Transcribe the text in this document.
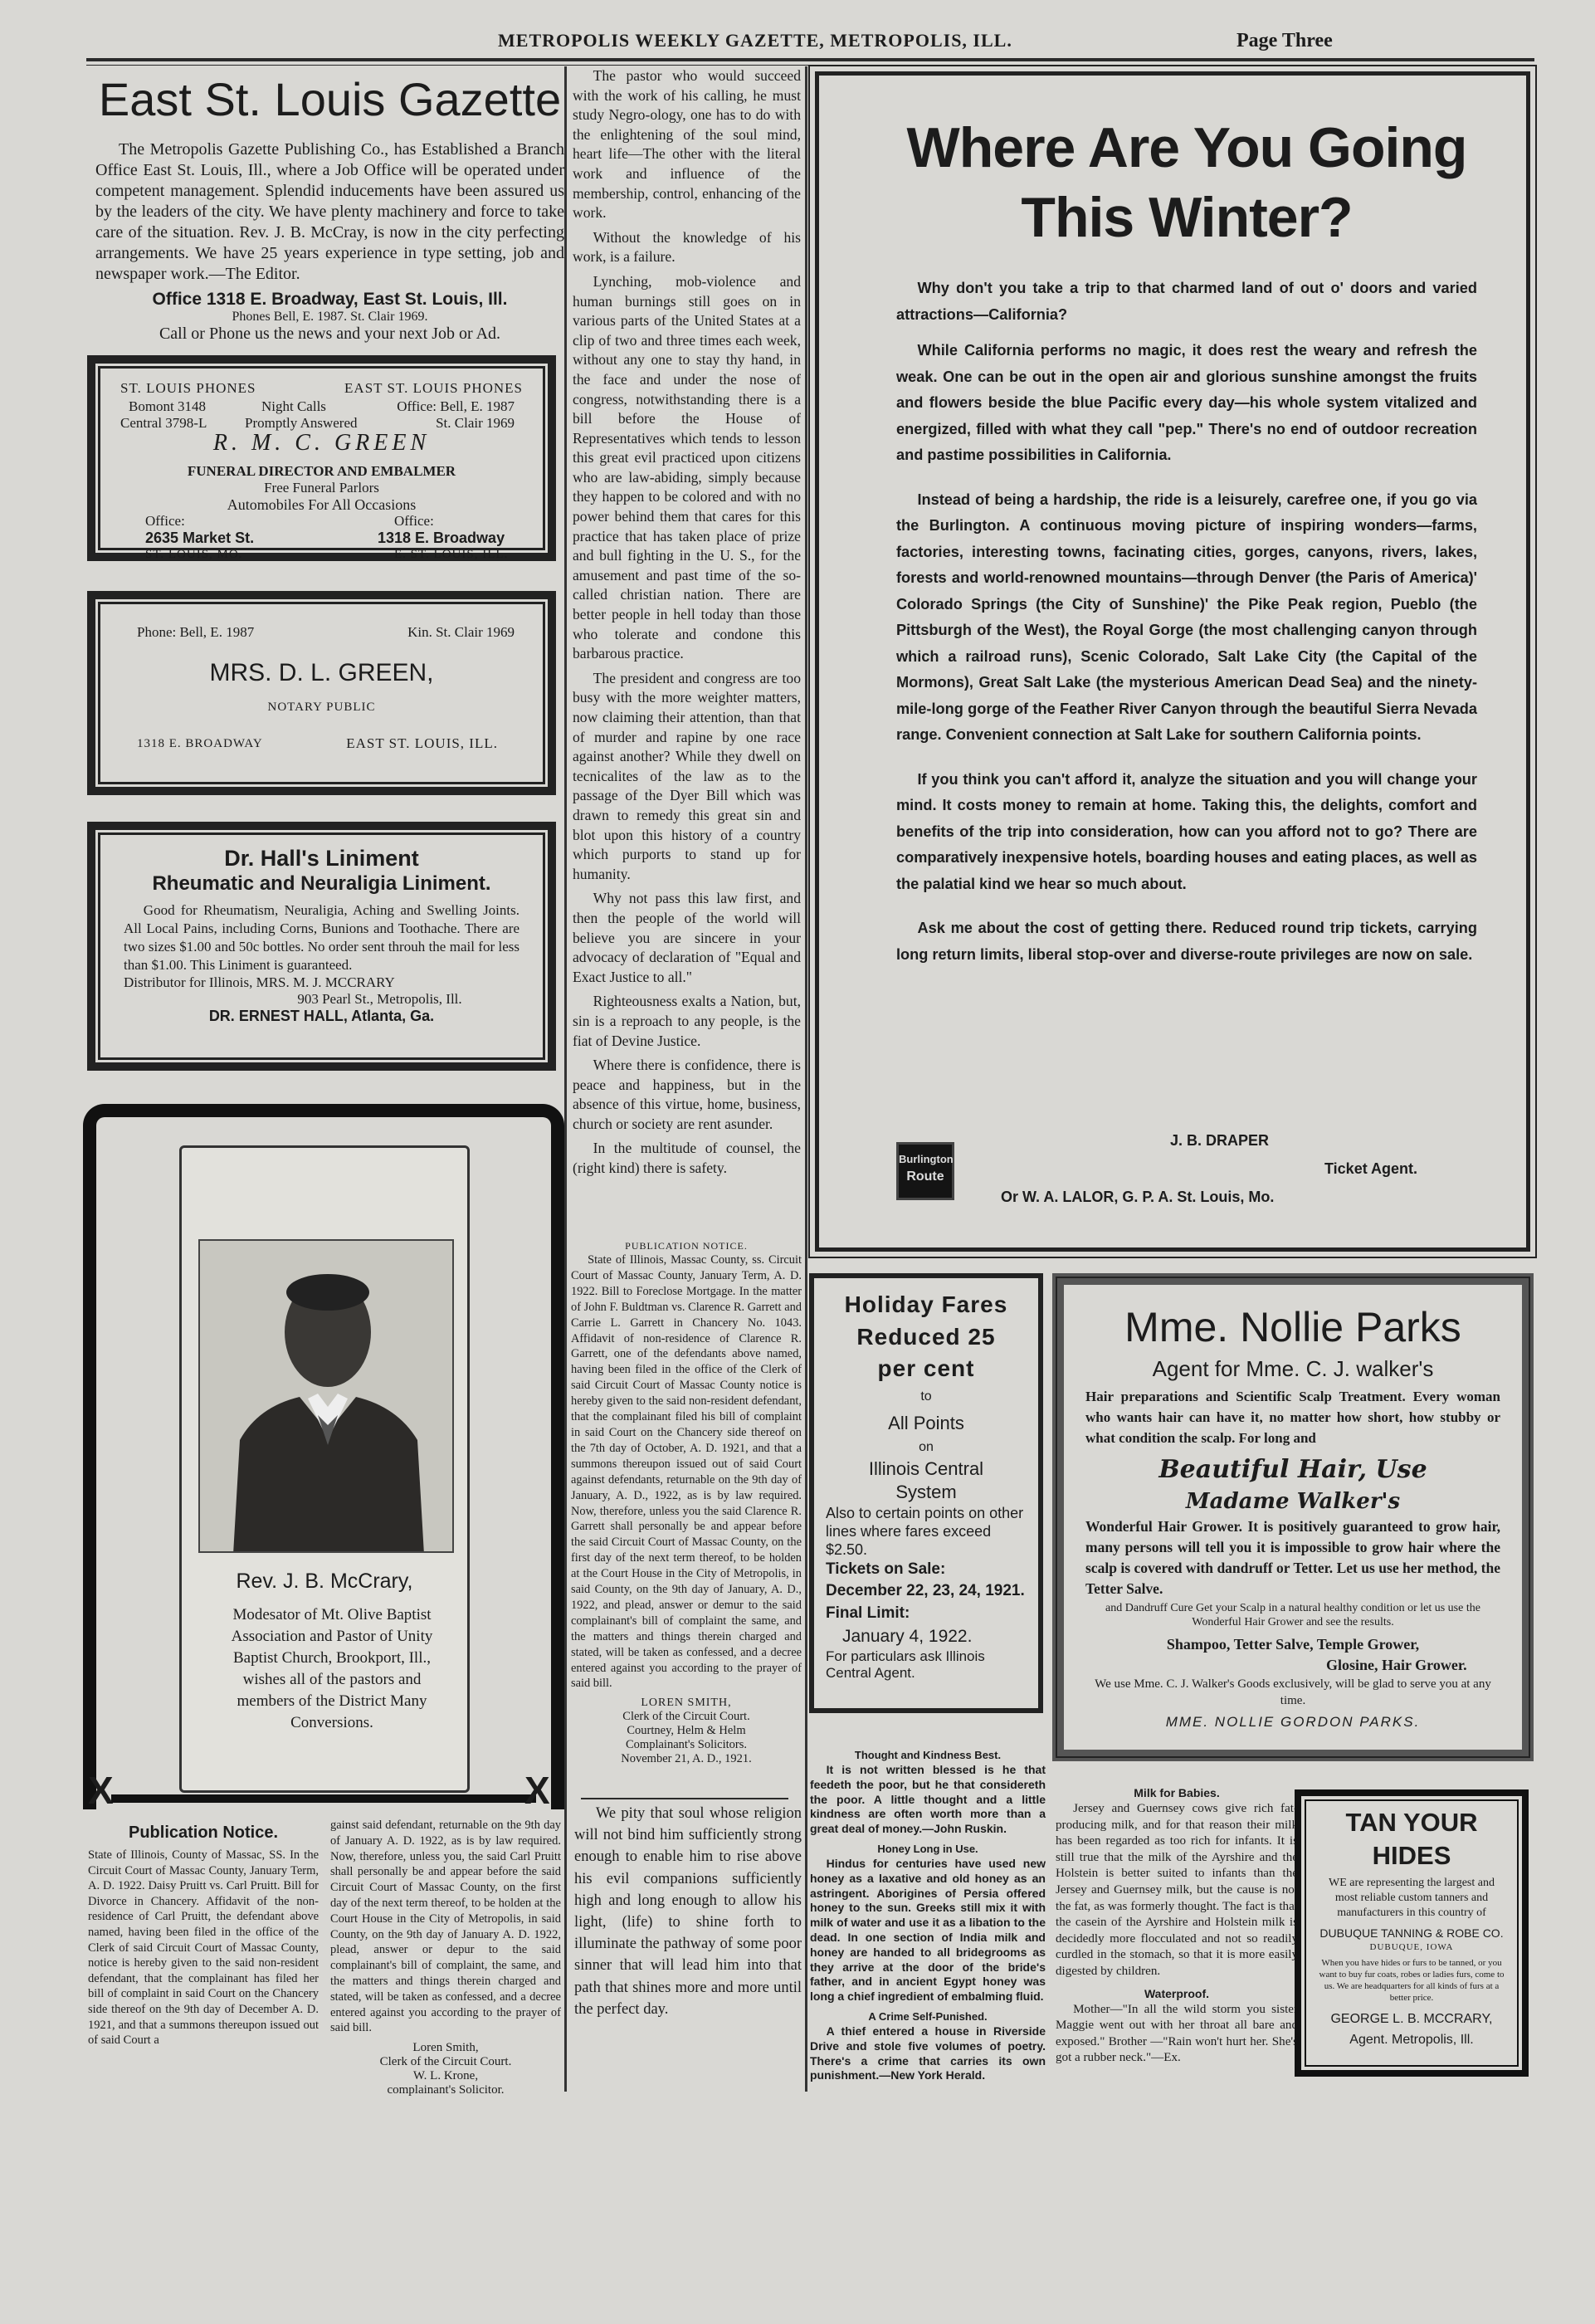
METROPOLIS WEEKLY GAZETTE, METROPOLIS, ILL.	Page Three
East St. Louis Gazette

The Metropolis Gazette Publishing Co., has Established a Branch Office East St. Louis, Ill., where a Job Office will be operated under competent management. Splendid inducements have been assured us by the leaders of the city. We have plenty machinery and force to take care of the situation. Rev. J. B. McCray, is now in the city perfecting arrangements. We have 25 years experience in type setting, job and newspaper work.—The Editor.

Office 1318 E. Broadway, East St. Louis, Ill.
Phones Bell, E. 1987. St. Clair 1969.
Call or Phone us the news and your next Job or Ad.
ST. LOUIS PHONES	EAST ST. LOUIS PHONES
Bomont 3148	Night Calls	Office: Bell, E. 1987
Central 3798-L	Promptly Answered	St. Clair 1969
R. M. C. GREEN
FUNERAL DIRECTOR AND EMBALMER
Free Funeral Parlors
Automobiles For All Occasions
Office:	Office:
2635 Market St.	1318 E. Broadway
ST. LOUIS, MO.	E. ST. LOUIS, ILL.
Phone: Bell, E. 1987	Kin. St. Clair 1969
MRS. D. L. GREEN,
NOTARY PUBLIC
1318 E. BROADWAY	EAST ST. LOUIS, ILL.
Dr. Hall's Liniment
Rheumatic and Neuraligia Liniment.

Good for Rheumatism, Neuraligia, Aching and Swelling Joints. All Local Pains, including Corns, Bunions and Toothache. There are two sizes $1.00 and 50c bottles. No order sent throuh the mail for less than $1.00. This Liniment is guaranteed.

Distributor for Illinois, MRS. M. J. MCCRARY
903 Pearl St., Metropolis, Ill.
DR. ERNEST HALL, Atlanta, Ga.
Rev. J. B. McCrary,

Modesator of Mt. Olive Baptist Association and Pastor of Unity Baptist Church, Brookport, Ill., wishes all of the pastors and members of the District Many Conversions.

X	X
Publication Notice.

State of Illinois, County of Massac, SS. In the Circuit Court of Massac County, January Term, A. D. 1922. Daisy Pruitt vs. Carl Pruitt. Bill for Divorce in Chancery. Affidavit of the non-residence of Carl Pruitt, the defendant above named, having been filed in the office of the Clerk of said Circuit Court of Massac County, notice is hereby given to the said non-resident defendant, that the complainant has filed her bill of complaint in said Court on the Chancery side thereof on the 9th day of December A. D. 1921, and that a summons thereupon issued out of said Court a

gainst said defendant, returnable on the 9th day of January A. D. 1922, as is by law required. Now, therefore, unless you, the said Carl Pruitt shall personally be and appear before the said Circuit Court of Massac County, on the first day of the next term thereof, to be holden at the Court House in the City of Metropolis, in said County, on the 9th day of January A. D. 1922, plead, answer or depur to the said complainant's bill of complaint, the same, and the matters and things therein charged and stated, will be taken as confessed, and a decree entered against you according to the prayer of said bill.

Loren Smith,
Clerk of the Circuit Court.
W. L. Krone,
complainant's Solicitor.

The pastor who would succeed with the work of his calling, he must study Negro-ology, one has to do with the enlightening of the soul mind, heart life—The other with the literal work and influence of the membership, control, enhancing of the work.

Without the knowledge of his work, is a failure.

Lynching, mob-violence and human burnings still goes on in various parts of the United States at a clip of two and three times each week, without any one to stay thy hand, in the face and under the nose of congress, notwithstanding there is a bill before the House of Representatives which tends to lesson this great evil practiced upon citizens who are law-abiding, simply because they happen to be colored and with no power behind them that cares for this practice that has taken place of prize and bull fighting in the U. S., for the amusement and past time of the so-called christian nation. There are better people in hell today than those who tolerate and condone this barbarous practice.

The president and congress are too busy with the more weighter matters, now claiming their attention, than that of murder and rapine by one race against another? While they dwell on tecnicalites of the law as to the passage of the Dyer Bill which was drawn to remedy this great sin and blot upon this history of a country which purports to stand up for humanity.

Why not pass this law first, and then the people of the world will believe you are sincere in your advocacy of declaration of "Equal and Exact Justice to all."

Righteousness exalts a Nation, but, sin is a reproach to any people, is the fiat of Devine Justice.

Where there is confidence, there is peace and happiness, but in the absence of this virtue, home, business, church or society are rent asunder.

In the multitude of counsel, the (right kind) there is safety.

PUBLICATION NOTICE.

State of Illinois, Massac County, ss. Circuit Court of Massac County, January Term, A. D. 1922. Bill to Foreclose Mortgage. In the matter of John F. Buldtman vs. Clarence R. Garrett and Carrie L. Garrett in Chancery No. 1043. Affidavit of non-residence of Clarence R. Garrett, one of the defendants above named, having been filed in the office of the Clerk of said Circuit Court of Massac County notice is hereby given to the said non-resident defendant, that the complainant filed his bill of complaint in said Court on the Chancery side thereof on the 7th day of October, A. D. 1921, and that a summons thereupon issued out of said Court against defendants, returnable on the 9th day of January, A. D., 1922, as is by law required. Now, therefore, unless you the said Clarence R. Garrett shall personally be and appear before the said Circuit Court of Massac County, on the first day of the next term thereof, to be holden at the Court House in the City of Metropolis, in said County, on the 9th day of January, A. D., 1922, and plead, answer or demur to the said complainant's bill of complaint the same, and the matters and things therein charged and stated, will be taken as confessed, and a decree entered against you according to the prayer of said bill.

LOREN SMITH,
Clerk of the Circuit Court.
Courtney, Helm & Helm
Complainant's Solicitors.
November 21, A. D., 1921.

We pity that soul whose religion will not bind him sufficiently strong enough to enable him to rise above his evil companions sufficiently high and long enough to allow his light, (life) to shine forth to illuminate the pathway of some poor sinner that will lead him into that path that shines more and more until the perfect day.

Where Are You Going
This Winter?

Why don't you take a trip to that charmed land of out o' doors and varied attractions—California?

While California performs no magic, it does rest the weary and refresh the weak. One can be out in the open air and glorious sunshine amongst the fruits and flowers beside the blue Pacific every day—his whole system vitalized and energized, filled with what they call "pep." There's no end of outdoor recreation and pastime possibilities in California.

Instead of being a hardship, the ride is a leisurely, carefree one, if you go via the Burlington. A continuous moving picture of inspiring wonders—farms, factories, interesting towns, facinating cities, gorges, canyons, rivers, lakes, forests and world-renowned mountains—through Denver (the Paris of America)' Colorado Springs (the City of Sunshine)' the Pike Peak region, Pueblo (the Pittsburgh of the West), the Royal Gorge (the most challenging canyon through which a railroad runs), Scenic Colorado, Salt Lake City (the Capital of the Mormons), Great Salt Lake (the mysterious American Dead Sea) and the ninety-mile-long gorge of the Feather River Canyon through the beautiful Sierra Nevada range. Convenient connection at Salt Lake for southern California points.

If you think you can't afford it, analyze the situation and you will change your mind. It costs money to remain at home. Taking this, the delights, comfort and benefits of the trip into consideration, how can you afford not to go? There are comparatively inexpensive hotels, boarding houses and eating places, as well as the palatial kind we hear so much about.

Ask me about the cost of getting there. Reduced round trip tickets, carrying long return limits, liberal stop-over and diverse-route privileges are now on sale.

Burlington
Route
J. B. DRAPER
Ticket Agent.
Or W. A. LALOR, G. P. A. St. Louis, Mo.
Holiday Fares
Reduced 25
per cent
to
All Points
on
Illinois Central
System
Also to certain points on other lines where fares exceed $2.50.
Tickets on Sale:
December 22, 23, 24, 1921.
Final Limit:
January 4, 1922.
For particulars ask Illinois Central Agent.
Mme. Nollie Parks
Agent for Mme. C. J. walker's

Hair preparations and Scientific Scalp Treatment. Every woman who wants hair can have it, no matter how short, how stubby or what condition the scalp. For long and

Beautiful Hair, Use
Madame Walker's

Wonderful Hair Grower. It is positively guaranteed to grow hair, many persons will tell you it is impossible to grow hair where the scalp is covered with dandruff or Tetter. Let us use her method, the Tetter Salve.

and Dandruff Cure Get your Scalp in a natural healthy condition or let us use the Wonderful Hair Grower and see the results.

Shampoo, Tetter Salve, Temple Grower,
Glosine, Hair Grower.

We use Mme. C. J. Walker's Goods exclusively, will be glad to serve you at any time.

MME. NOLLIE GORDON PARKS.
Thought and Kindness Best.

It is not written blessed is he that feedeth the poor, but he that considereth the poor. A little thought and a little kindness are often worth more than a great deal of money.—John Ruskin.

Honey Long in Use.

Hindus for centuries have used new honey as a laxative and old honey as an astringent. Aborigines of Persia offered honey to the sun. Greeks still mix it with milk of water and use it as a libation to the dead. In one section of India milk and honey are handed to all bridegrooms as they arrive at the door of the bride's father, and in ancient Egypt honey was long a chief ingredient of embalming fluid.

A Crime Self-Punished.

A thief entered a house in Riverside Drive and stole five volumes of poetry. There's a crime that carries its own punishment.—New York Herald.

Milk for Babies.

Jersey and Guernsey cows give rich fat-producing milk, and for that reason their milk has been regarded as too rich for infants. It is still true that the milk of the Ayrshire and the Holstein is better suited to infants than the Jersey and Guernsey milk, but the cause is not the fat, as was formerly thought. The fact is that the casein of the Ayrshire and Holstein milk is decidedly more flocculated and not so readily curdled in the stomach, so that it is more easily digested by children.

Waterproof.

Mother—"In all the wild storm you sister Maggie went out with her throat all bare and exposed." Brother —"Rain won't hurt her. She's got a rubber neck."—Ex.

TAN YOUR HIDES

WE are representing the largest and most reliable custom tanners and manufacturers in this country of

DUBUQUE TANNING & ROBE CO.
DUBUQUE, IOWA

When you have hides or furs to be tanned, or you want to buy fur coats, robes or ladies furs, come to us. We are headquarters for all kinds of furs at a better price.

GEORGE L. B. MCCRARY,
Agent. Metropolis, Ill.
